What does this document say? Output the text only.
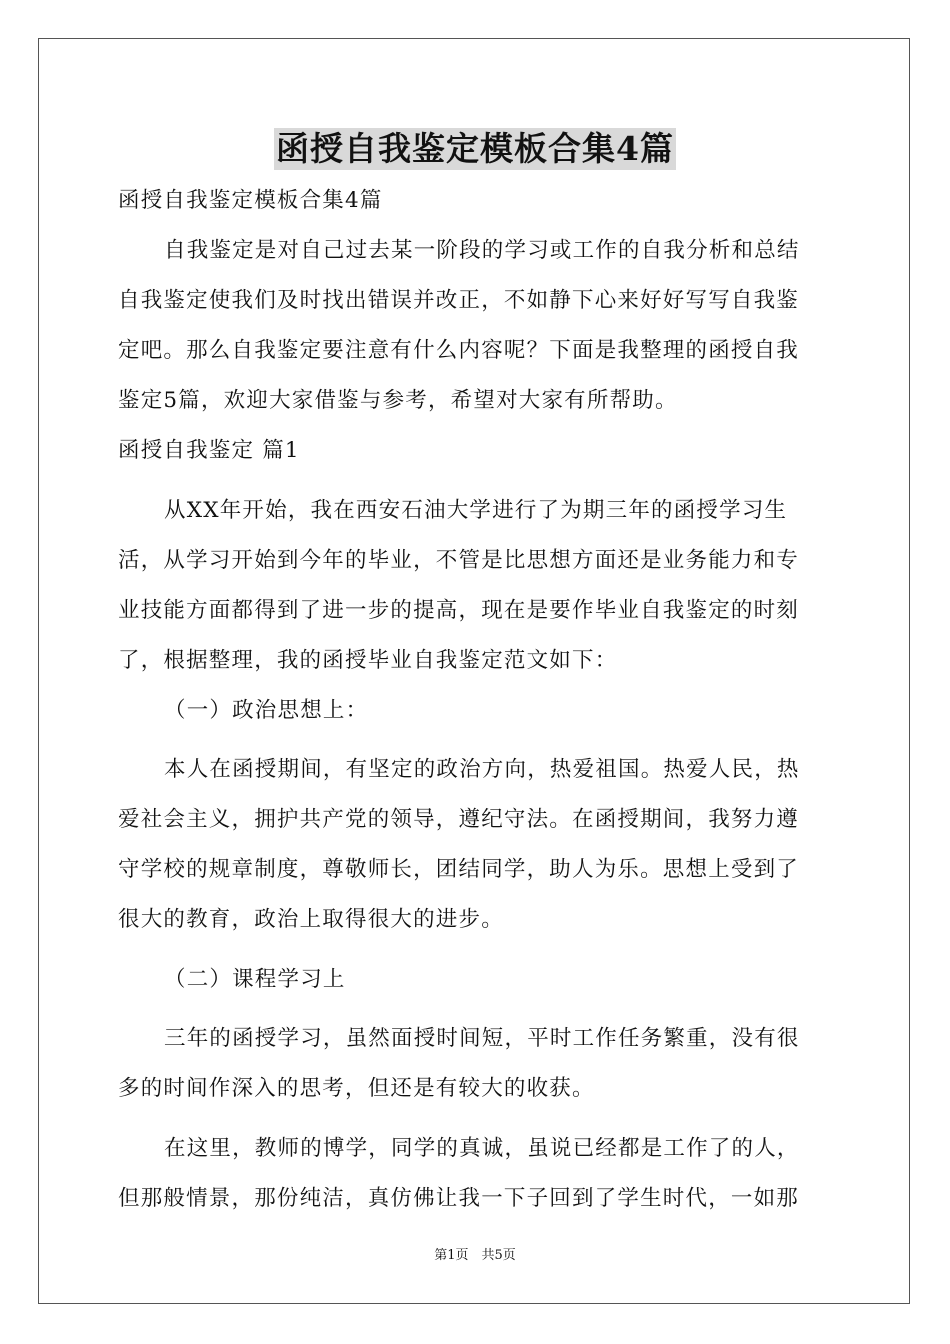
函授自我鉴定模板合集4篇
函授自我鉴定模板合集4篇
自我鉴定是对自己过去某一阶段的学习或工作的自我分析和总结
自我鉴定使我们及时找出错误并改正，不如静下心来好好写写自我鉴
定吧。那么自我鉴定要注意有什么内容呢？下面是我整理的函授自我
鉴定5篇，欢迎大家借鉴与参考，希望对大家有所帮助。
函授自我鉴定 篇1
从XX年开始，我在西安石油大学进行了为期三年的函授学习生
活，从学习开始到今年的毕业，不管是比思想方面还是业务能力和专
业技能方面都得到了进一步的提高，现在是要作毕业自我鉴定的时刻
了，根据整理，我的函授毕业自我鉴定范文如下：
（一）政治思想上：
本人在函授期间，有坚定的政治方向，热爱祖国。热爱人民，热
爱社会主义，拥护共产党的领导，遵纪守法。在函授期间，我努力遵
守学校的规章制度，尊敬师长，团结同学，助人为乐。思想上受到了
很大的教育，政治上取得很大的进步。
（二）课程学习上
三年的函授学习，虽然面授时间短，平时工作任务繁重，没有很
多的时间作深入的思考，但还是有较大的收获。
在这里，教师的博学，同学的真诚，虽说已经都是工作了的人，
但那般情景，那份纯洁，真仿佛让我一下子回到了学生时代，一如那
第1页　共5页
